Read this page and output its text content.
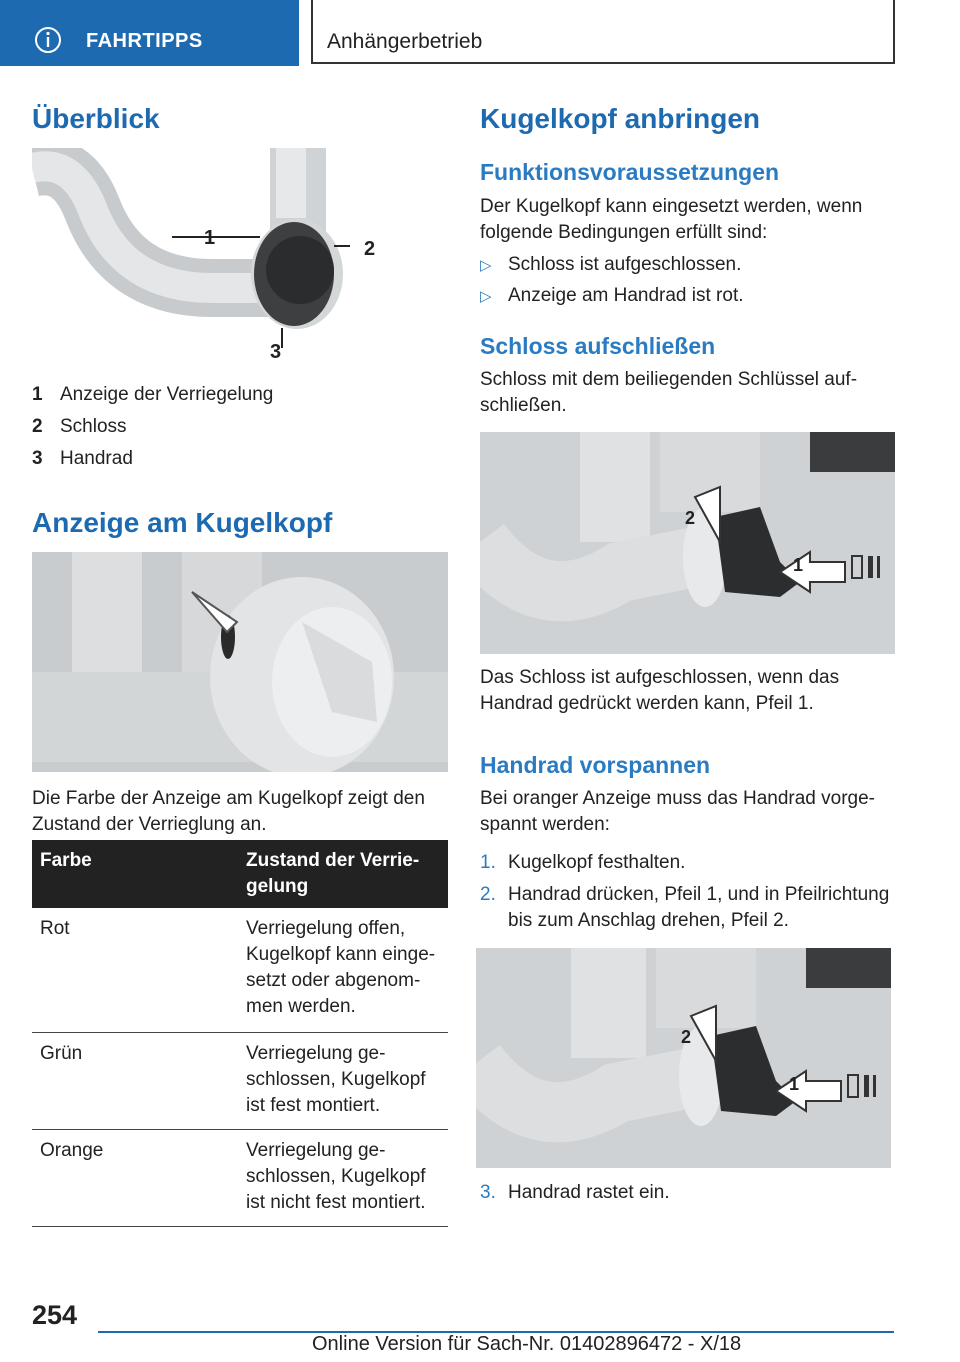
FAHRTIPPS	Anhängerbetrieb
Überblick
1	2
3
1 Anzeige der Verriegelung
2 Schloss
3 Handrad
Anzeige am Kugelkopf
Die Farbe der Anzeige am Kugelkopf zeigt den Zustand der Verrieglung an.
Farbe	Zustand der Verrie-
gelung
Rot	Verriegelung offen, Kugelkopf kann einge-setzt oder abgenom-men werden.
Grün	Verriegelung ge-schlossen, Kugelkopf ist fest montiert.
Orange	Verriegelung ge-schlossen, Kugelkopf ist nicht fest montiert.
Kugelkopf anbringen
Funktionsvoraussetzungen
Der Kugelkopf kann eingesetzt werden, wenn folgende Bedingungen erfüllt sind:
▷ Schloss ist aufgeschlossen.
▷ Anzeige am Handrad ist rot.
Schloss aufschließen
Schloss mit dem beiliegenden Schlüssel auf-schließen.
1
2
Das Schloss ist aufgeschlossen, wenn das Handrad gedrückt werden kann, Pfeil 1.
Handrad vorspannen
Bei oranger Anzeige muss das Handrad vorge-spannt werden:
1. Kugelkopf festhalten.
2. Handrad drücken, Pfeil 1, und in Pfeilrichtung bis zum Anschlag drehen, Pfeil 2.
1
2
3. Handrad rastet ein.
254
Online Version für Sach-Nr. 01402896472 - X/18
